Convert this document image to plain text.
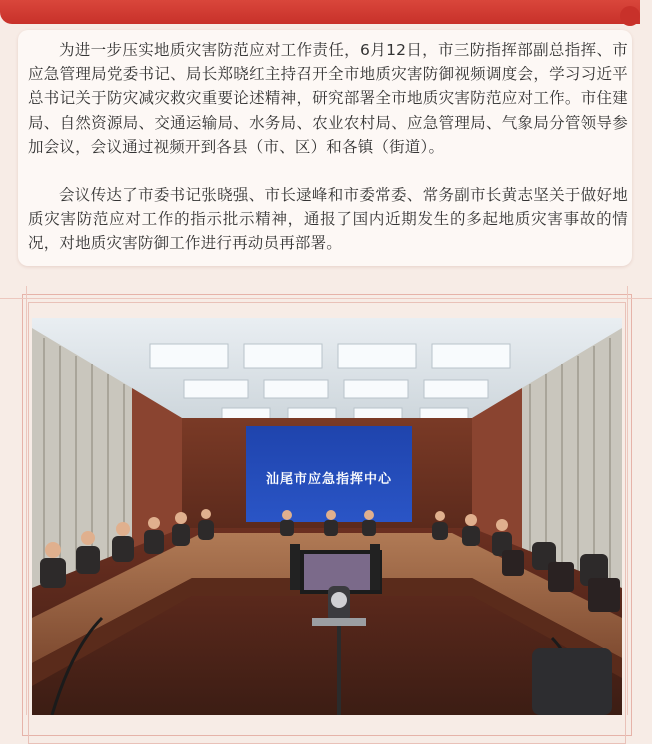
为进一步压实地质灾害防范应对工作责任，6月12日，市三防指挥部副总指挥、市应急管理局党委书记、局长郑晓红主持召开全市地质灾害防御视频调度会，学习习近平总书记关于防灾减灾救灾重要论述精神，研究部署全市地质灾害防范应对工作。市住建局、自然资源局、交通运输局、水务局、农业农村局、应急管理局、气象局分管领导参加会议，会议通过视频开到各县（市、区）和各镇（街道）。

会议传达了市委书记张晓强、市长逯峰和市委常委、常务副市长黄志坚关于做好地质灾害防范应对工作的指示批示精神，通报了国内近期发生的多起地质灾害事故的情况，对地质灾害防御工作进行再动员再部署。

汕尾市应急指挥中心
